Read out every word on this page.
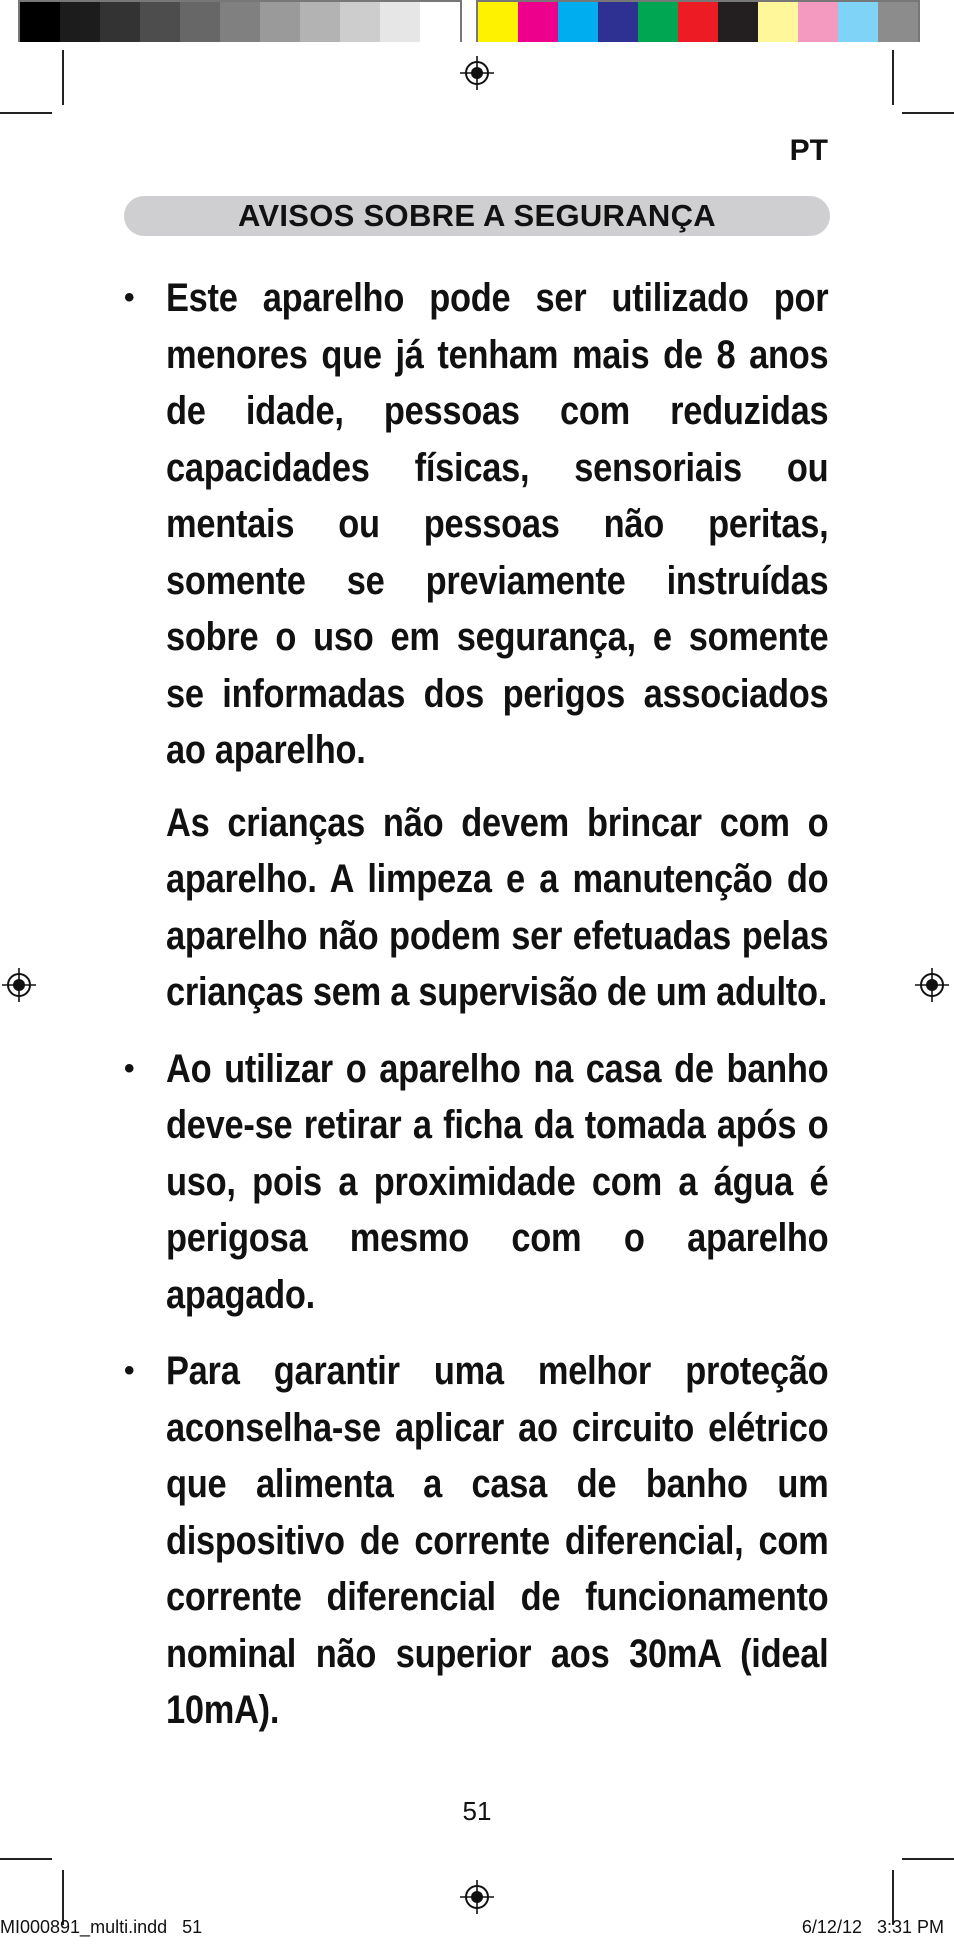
PT
AVISOS SOBRE A SEGURANÇA
• Este aparelho pode ser utilizado por menores que já tenham mais de 8 anos de idade, pessoas com reduzidas capacidades físicas, sensoriais ou mentais ou pessoas não peritas, somente se previamente instruídas sobre o uso em segurança, e somente se informadas dos perigos associados ao aparelho.

As crianças não devem brincar com o aparelho. A limpeza e a manutenção do aparelho não podem ser efetuadas pelas crianças sem a supervisão de um adulto.

• Ao utilizar o aparelho na casa de banho deve-se retirar a ficha da tomada após o uso, pois a proximidade com a água é perigosa mesmo com o aparelho apagado.

• Para garantir uma melhor proteção aconselha-se aplicar ao circuito elétrico que alimenta a casa de banho um dispositivo de corrente diferencial, com corrente diferencial de funcionamento nominal não superior aos 30mA (ideal 10mA).

51
MI000891_multi.indd   51	6/12/12   3:31 PM
